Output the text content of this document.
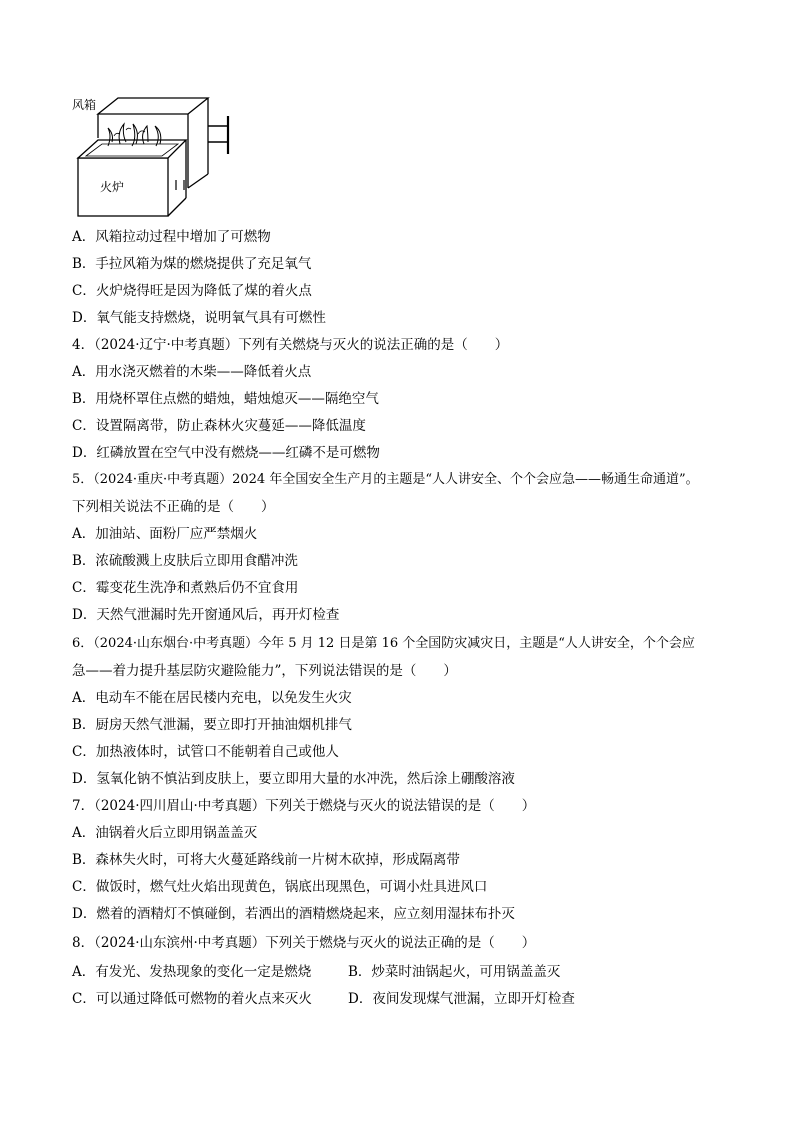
风箱
火炉
A．风箱拉动过程中增加了可燃物
B．手拉风箱为煤的燃烧提供了充足氧气
C．火炉烧得旺是因为降低了煤的着火点
D．氧气能支持燃烧，说明氧气具有可燃性
4．（2024·辽宁·中考真题）下列有关燃烧与灭火的说法正确的是（　　）
A．用水浇灭燃着的木柴——降低着火点
B．用烧杯罩住点燃的蜡烛，蜡烛熄灭——隔绝空气
C．设置隔离带，防止森林火灾蔓延——降低温度
D．红磷放置在空气中没有燃烧——红磷不是可燃物
5．（2024·重庆·中考真题）2024 年全国安全生产月的主题是“人人讲安全、个个会应急——畅通生命通道”。
下列相关说法不正确的是（　　）
A．加油站、面粉厂应严禁烟火
B．浓硫酸溅上皮肤后立即用食醋冲洗
C．霉变花生洗净和煮熟后仍不宜食用
D．天然气泄漏时先开窗通风后，再开灯检查
6．（2024·山东烟台·中考真题）今年 5 月 12 日是第 16 个全国防灾减灾日，主题是“人人讲安全，个个会应
急——着力提升基层防灾避险能力”，下列说法错误的是（　　）
A．电动车不能在居民楼内充电，以免发生火灾
B．厨房天然气泄漏，要立即打开抽油烟机排气
C．加热液体时，试管口不能朝着自己或他人
D．氢氧化钠不慎沾到皮肤上，要立即用大量的水冲洗，然后涂上硼酸溶液
7．（2024·四川眉山·中考真题）下列关于燃烧与灭火的说法错误的是（　　）
A．油锅着火后立即用锅盖盖灭
B．森林失火时，可将大火蔓延路线前一片树木砍掉，形成隔离带
C．做饭时，燃气灶火焰出现黄色，锅底出现黑色，可调小灶具进风口
D．燃着的酒精灯不慎碰倒，若洒出的酒精燃烧起来，应立刻用湿抹布扑灭
8．（2024·山东滨州·中考真题）下列关于燃烧与灭火的说法正确的是（　　）
A．有发光、发热现象的变化一定是燃烧	B．炒菜时油锅起火，可用锅盖盖灭
C．可以通过降低可燃物的着火点来灭火	D．夜间发现煤气泄漏，立即开灯检查
